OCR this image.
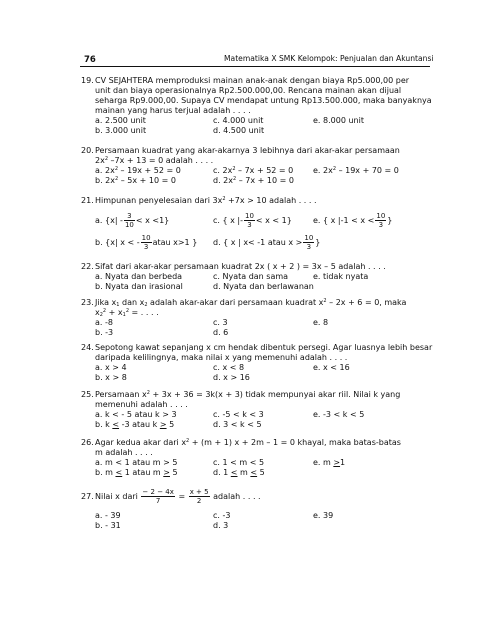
76	Matematika X SMK Kelompok: Penjualan dan Akuntansi
19.CV SEJAHTERA memproduksi mainan anak-anak dengan biaya Rp5.000,00 per
unit dan biaya operasionalnya Rp2.500.000,00. Rencana mainan akan dijual
seharga Rp9.000,00. Supaya CV mendapat untung Rp13.500.000, maka banyaknya
mainan yang harus terjual adalah . . . .
a. 2.500 unit	c. 4.000 unit	e. 8.000 unit
b. 3.000 unit	d. 4.500 unit
20.Persamaan kuadrat yang akar-akarnya 3 lebihnya dari akar-akar persamaan
$2x^2$ –7x + 13 = 0 adalah . . . .
a. $2x^2 - 19x + 52 = 0$	c. $2x^2 - 7x + 52 = 0$ e. $2x^2 - 19x + 70 = 0$
b. $2x^2 - 5x + 10 = 0$	d. $2x^2 - 7x + 10 = 0$
21.Himpunan penyelesaian dari $3x^2 +7x > 10$ adalah . . . .
a. $\{x| - \frac{3}{10} < x <1\}$	c. { x |- $\frac{10}{3} < x < 1$}	e. { x $|-1 < x < \frac{10}{3}$ }
b. {x| x < - $\frac{10}{3}$ atau x>1 } d. { x | x< -1 atau $x > \frac{10}{3}$ }
22.Sifat dari akar-akar persamaan kuadrat 2x ( x + 2 ) = 3x – 5 adalah . . . .
a. Nyata dan berbeda	c. Nyata dan sama	e. tidak nyata
b. Nyata dan irasional	d. Nyata dan berlawanan
23.Jika $x_1$ dan $x_2$ adalah akar-akar dari persamaan kuadrat $x^2 - 2x + 6 = 0$, maka
$x_2^2 + x_1^2$ = . . . .
a. -8	c. 3	e. 8
b. -3	d. 6
24.Sepotong kawat sepanjang x cm hendak dibentuk persegi. Agar luasnya lebih besar
daripada kelilingnya, maka nilai x yang memenuhi adalah . . . .
a. x > 4	c. x < 8	e. x < 16
b. x > 8	d. x > 16
25.Persamaan $x^2 + 3x + 36 = 3k(x + 3)$ tidak mempunyai akar riil. Nilai k yang
memenuhi adalah . . . .
a. k < - 5 atau k > 3	c. -5 < k < 3	e. -3 < k < 5
b. k < -3 atau k > 5	d. 3 < k < 5
26.Agar kedua akar dari $x^2 + (m + 1) x + 2m - 1 = 0$ khayal, maka batas-batas
m adalah . . . .
a. m < 1 atau m > 5	c. 1 < m < 5	e. m >1
b. m < 1 atau m > 5	d. 1 < m < 5
27.Nilai x dari $\frac{- 2 - 4x}{7} = \frac{x + 5}{2}$ adalah . . . .
a. - 39	c. -3	e. 39
b. - 31	d. 3
